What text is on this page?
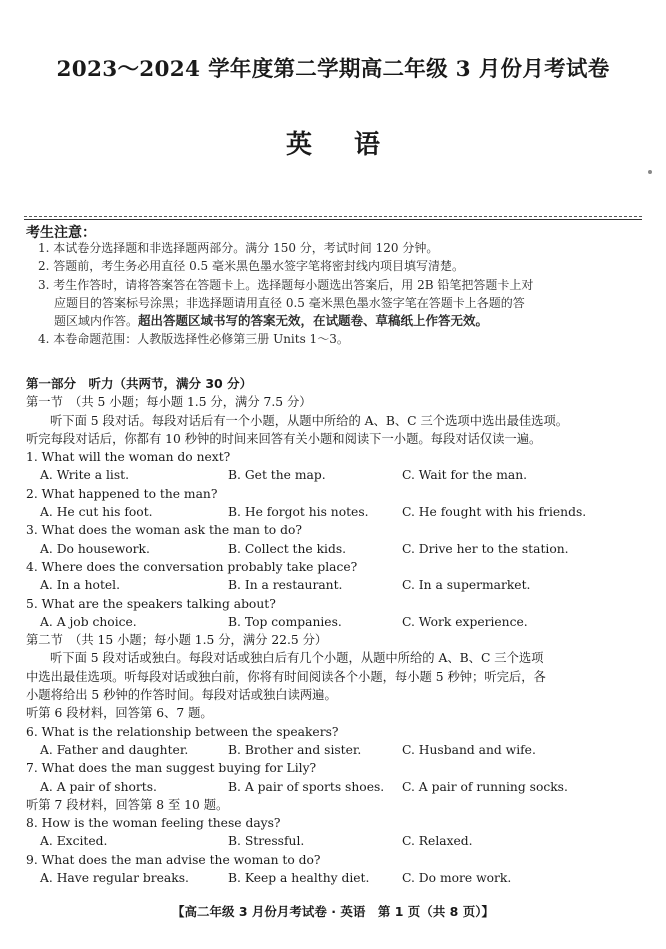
2023～2024 学年度第二学期高二年级 3 月份月考试卷
英语
考生注意：
1. 本试卷分选择题和非选择题两部分。满分 150 分，考试时间 120 分钟。
2. 答题前，考生务必用直径 0.5 毫米黑色墨水签字笔将密封线内项目填写清楚。
3. 考生作答时，请将答案答在答题卡上。选择题每小题选出答案后，用 2B 铅笔把答题卡上对
应题目的答案标号涂黑；非选择题请用直径 0.5 毫米黑色墨水签字笔在答题卡上各题的答
题区域内作答。超出答题区域书写的答案无效，在试题卷、草稿纸上作答无效。
4. 本卷命题范围：人教版选择性必修第三册 Units 1～3。
第一部分　听力（共两节，满分 30 分）
第一节　（共 5 小题；每小题 1.5 分，满分 7.5 分）
听下面 5 段对话。每段对话后有一个小题，从题中所给的 A、B、C 三个选项中选出最佳选项。
听完每段对话后，你都有 10 秒钟的时间来回答有关小题和阅读下一小题。每段对话仅读一遍。
1. What will the woman do next?
A. Write a list.	B. Get the map.	C. Wait for the man.
2. What happened to the man?
A. He cut his foot.	B. He forgot his notes.	C. He fought with his friends.
3. What does the woman ask the man to do?
A. Do housework.	B. Collect the kids.	C. Drive her to the station.
4. Where does the conversation probably take place?
A. In a hotel.	B. In a restaurant.	C. In a supermarket.
5. What are the speakers talking about?
A. A job choice.	B. Top companies.	C. Work experience.
第二节　（共 15 小题；每小题 1.5 分，满分 22.5 分）
听下面 5 段对话或独白。每段对话或独白后有几个小题，从题中所给的 A、B、C 三个选项
中选出最佳选项。听每段对话或独白前，你将有时间阅读各个小题，每小题 5 秒钟；听完后，各
小题将给出 5 秒钟的作答时间。每段对话或独白读两遍。
听第 6 段材料，回答第 6、7 题。
6. What is the relationship between the speakers?
A. Father and daughter.	B. Brother and sister.	C. Husband and wife.
7. What does the man suggest buying for Lily?
A. A pair of shorts.	B. A pair of sports shoes.	C. A pair of running socks.
听第 7 段材料，回答第 8 至 10 题。
8. How is the woman feeling these days?
A. Excited.	B. Stressful.	C. Relaxed.
9. What does the man advise the woman to do?
A. Have regular breaks.	B. Keep a healthy diet.	C. Do more work.
【高二年级 3 月份月考试卷 · 英语　第 1 页（共 8 页）】
